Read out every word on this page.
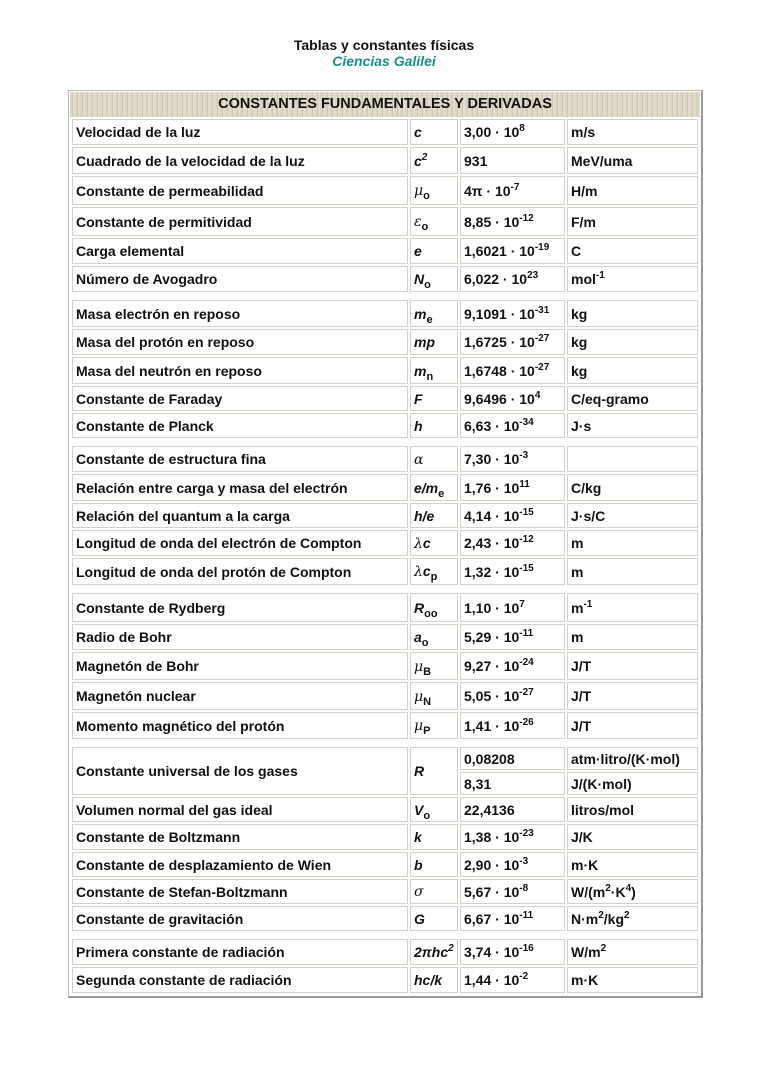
Tablas y constantes físicas
Ciencias Galilei
CONSTANTES FUNDAMENTALES Y DERIVADAS
Velocidad de la luz	c	$3,00 \cdot 10^8$	m/s
Cuadrado de la velocidad de la luz	$c^2$	931	MeV/uma
Constante de permeabilidad	$\mu_o$	$4\pi \cdot 10^{-7}$	H/m
Constante de permitividad	$\varepsilon_o$	$8,85 \cdot 10^{-12}$	F/m
Carga elemental	e	$1,6021 \cdot 10^{-19}$	C
Número de Avogadro	$N_o$	$6,022 \cdot 10^{23}$	mol$^{-1}$

Masa electrón en reposo	$m_e$	$9,1091 \cdot 10^{-31}$	kg
Masa del protón en reposo	mp	$1,6725 \cdot 10^{-27}$	kg
Masa del neutrón en reposo	$m_n$	$1,6748 \cdot 10^{-27}$	kg
Constante de Faraday	F	$9,6496 \cdot 10^4$	C/eq-gramo
Constante de Planck	h	$6,63 \cdot 10^{-34}$	J·s

Constante de estructura fina	α	$7,30 \cdot 10^{-3}$	
Relación entre carga y masa del electrón	$e/m_e$	$1,76 \cdot 10^{11}$	C/kg
Relación del quantum a la carga	h/e	$4,14 \cdot 10^{-15}$	J·s/C
Longitud de onda del electrón de Compton	λc	$2,43 \cdot 10^{-12}$	m
Longitud de onda del protón de Compton	$\lambda c_p$	$1,32 \cdot 10^{-15}$	m

Constante de Rydberg	$R_{oo}$	$1,10 \cdot 10^7$	$m^{-1}$
Radio de Bohr	$a_o$	$5,29 \cdot 10^{-11}$	m
Magnetón de Bohr	$\mu_B$	$9,27 \cdot 10^{-24}$	J/T
Magnetón nuclear	$\mu_N$	$5,05 \cdot 10^{-27}$	J/T
Momento magnético del protón	$\mu_P$	$1,41 \cdot 10^{-26}$	J/T

Constante universal de los gases	R	0,08208	atm·litro/(K·mol)
		8,31	J/(K·mol)
Volumen normal del gas ideal	$V_o$	22,4136	litros/mol
Constante de Boltzmann	k	$1,38 \cdot 10^{-23}$	J/K
Constante de desplazamiento de Wien	b	$2,90 \cdot 10^{-3}$	m·K
Constante de Stefan-Boltzmann	σ	$5,67 \cdot 10^{-8}$	$W/(m^2\cdot K^4)$
Constante de gravitación	G	$6,67 \cdot 10^{-11}$	$N\cdot m^2/kg^2$

Primera constante de radiación	2πhc$^2$	$3,74 \cdot 10^{-16}$	$W/m^2$
Segunda constante de radiación	hc/k	$1,44 \cdot 10^{-2}$	m·K
